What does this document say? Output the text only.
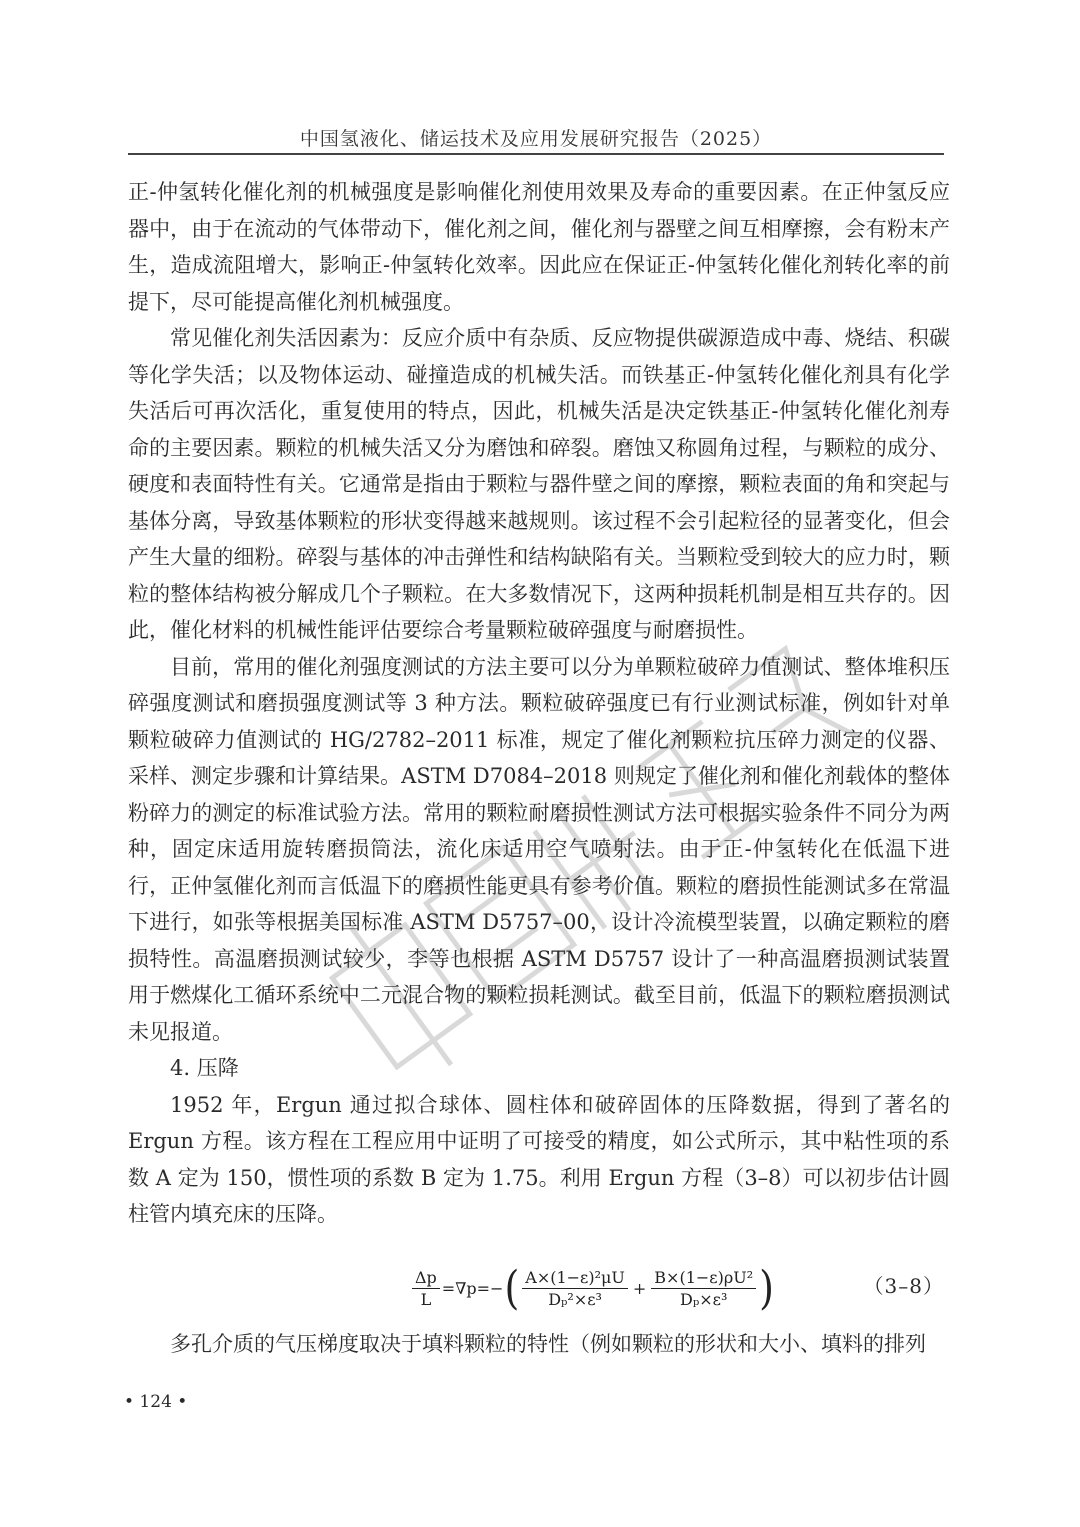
中国氢液化、储运技术及应用发展研究报告（2025）

正-仲氢转化催化剂的机械强度是影响催化剂使用效果及寿命的重要因素。在正仲氢反应器中，由于在流动的气体带动下，催化剂之间，催化剂与器壁之间互相摩擦，会有粉末产生，造成流阻增大，影响正-仲氢转化效率。因此应在保证正-仲氢转化催化剂转化率的前提下，尽可能提高催化剂机械强度。

常见催化剂失活因素为：反应介质中有杂质、反应物提供碳源造成中毒、烧结、积碳等化学失活；以及物体运动、碰撞造成的机械失活。而铁基正-仲氢转化催化剂具有化学失活后可再次活化，重复使用的特点，因此，机械失活是决定铁基正-仲氢转化催化剂寿命的主要因素。颗粒的机械失活又分为磨蚀和碎裂。磨蚀又称圆角过程，与颗粒的成分、硬度和表面特性有关。它通常是指由于颗粒与器件壁之间的摩擦，颗粒表面的角和突起与基体分离，导致基体颗粒的形状变得越来越规则。该过程不会引起粒径的显著变化，但会产生大量的细粉。碎裂与基体的冲击弹性和结构缺陷有关。当颗粒受到较大的应力时，颗粒的整体结构被分解成几个子颗粒。在大多数情况下，这两种损耗机制是相互共存的。因此，催化材料的机械性能评估要综合考量颗粒破碎强度与耐磨损性。

目前，常用的催化剂强度测试的方法主要可以分为单颗粒破碎力值测试、整体堆积压碎强度测试和磨损强度测试等 3 种方法。颗粒破碎强度已有行业测试标准，例如针对单颗粒破碎力值测试的 HG/2782–2011 标准，规定了催化剂颗粒抗压碎力测定的仪器、采样、测定步骤和计算结果。ASTM D7084–2018 则规定了催化剂和催化剂载体的整体粉碎力的测定的标准试验方法。常用的颗粒耐磨损性测试方法可根据实验条件不同分为两种，固定床适用旋转磨损筒法，流化床适用空气喷射法。由于正-仲氢转化在低温下进行，正仲氢催化剂而言低温下的磨损性能更具有参考价值。颗粒的磨损性能测试多在常温下进行，如张等根据美国标准 ASTM D5757–00，设计冷流模型装置，以确定颗粒的磨损特性。高温磨损测试较少，李等也根据 ASTM D5757 设计了一种高温磨损测试装置用于燃煤化工循环系统中二元混合物的颗粒损耗测试。截至目前，低温下的颗粒磨损测试未见报道。

4. 压降

1952 年，Ergun 通过拟合球体、圆柱体和破碎固体的压降数据，得到了著名的 Ergun 方程。该方程在工程应用中证明了可接受的精度，如公式所示，其中粘性项的系数 A 定为 150，惯性项的系数 B 定为 1.75。利用 Ergun 方程（3–8）可以初步估计圆柱管内填充床的压降。

$\frac{\Delta p}{L} =\nabla p=-$ ( $\frac{\text{A×(1−ε)²μU}}{\text{Dₚ²×ε³}} + \frac{\text{B×(1−ε)ρU²}}{\text{Dₚ×ε³}}$ )	（3–8）

多孔介质的气压梯度取决于填料颗粒的特性（例如颗粒的形状和大小、填料的排列

• 124 •
